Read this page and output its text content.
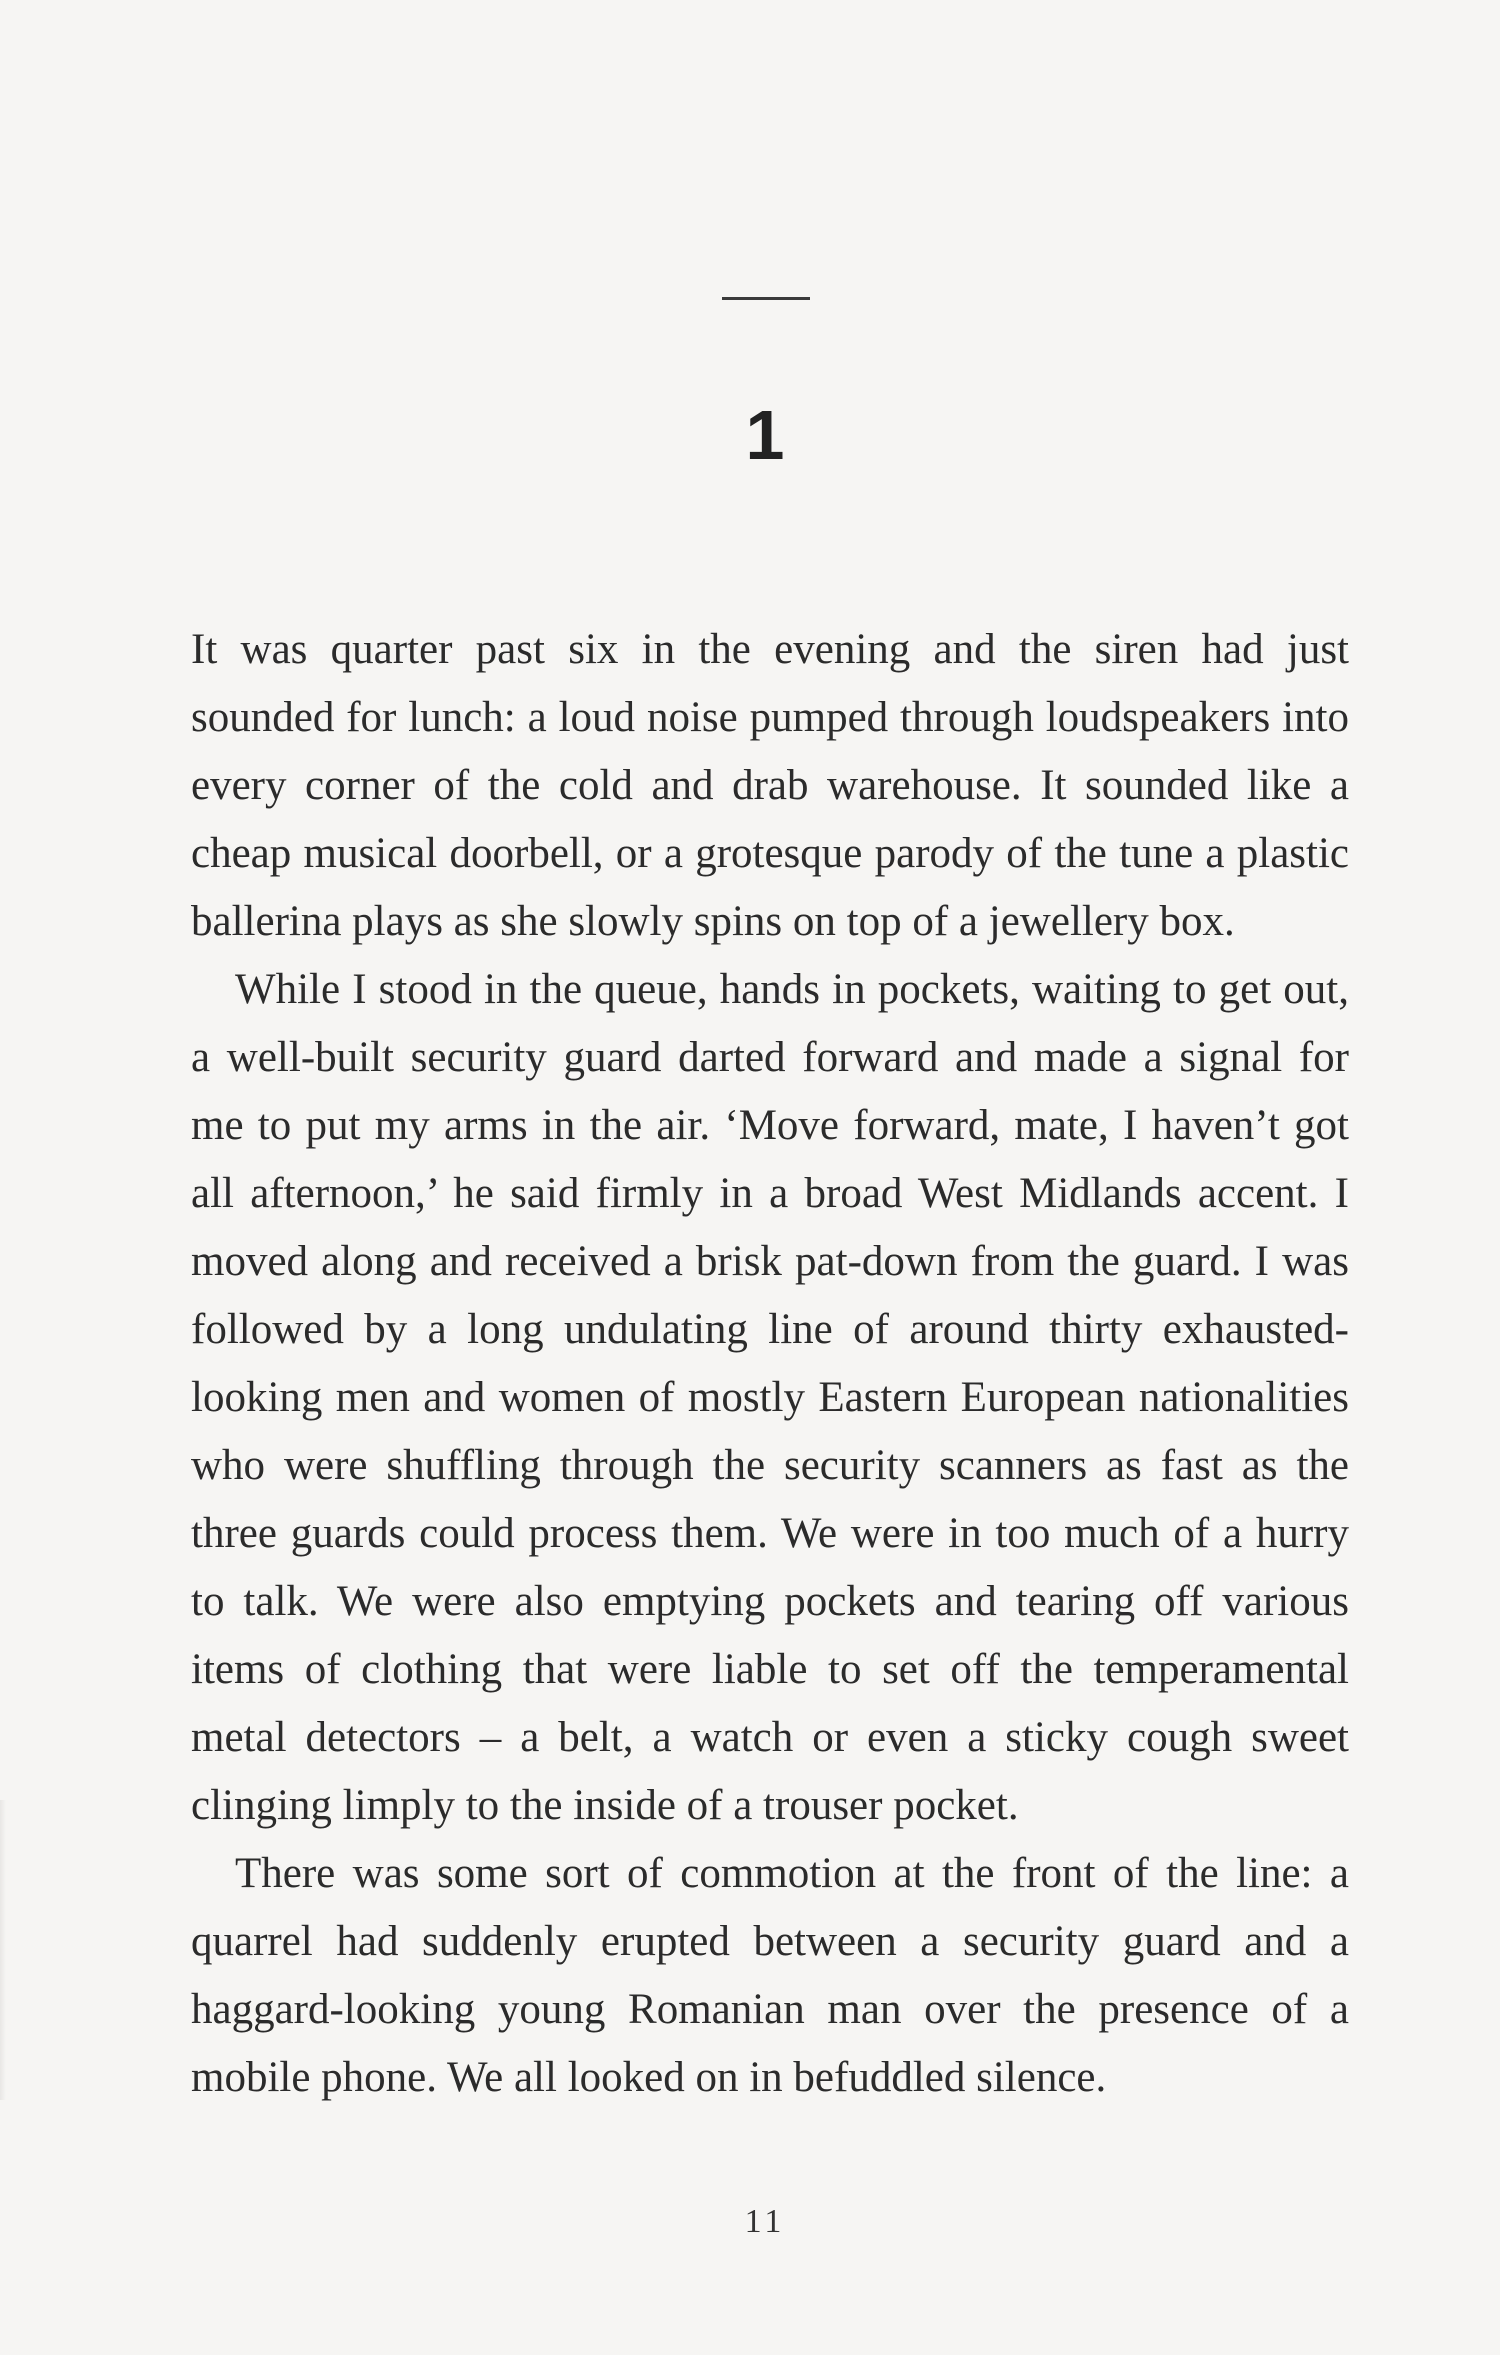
1

It was quarter past six in the evening and the siren had just sounded for lunch: a loud noise pumped through loudspeakers into every corner of the cold and drab warehouse. It sounded like a cheap musical doorbell, or a grotesque parody of the tune a plastic ballerina plays as she slowly spins on top of a jewellery box.

While I stood in the queue, hands in pockets, waiting to get out, a well-built security guard darted forward and made a signal for me to put my arms in the air. ‘Move forward, mate, I haven’t got all afternoon,’ he said firmly in a broad West Midlands accent. I moved along and received a brisk pat-down from the guard. I was followed by a long undulating line of around thirty exhausted-looking men and women of mostly Eastern European nationalities who were shuffling through the security scanners as fast as the three guards could process them. We were in too much of a hurry to talk. We were also emptying pockets and tearing off various items of clothing that were liable to set off the temperamental metal detectors – a belt, a watch or even a sticky cough sweet clinging limply to the inside of a trouser pocket.

There was some sort of commotion at the front of the line: a quarrel had suddenly erupted between a security guard and a haggard-looking young Romanian man over the presence of a mobile phone. We all looked on in befuddled silence.

11
